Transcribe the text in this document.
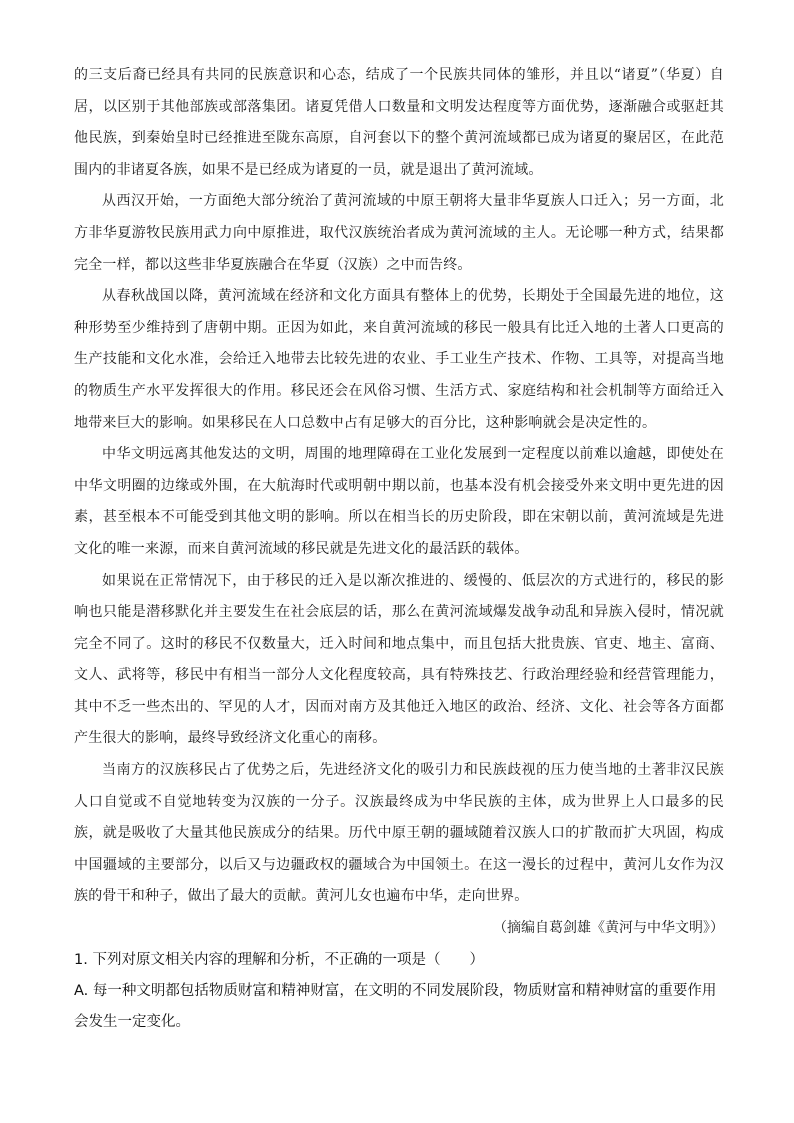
的三支后裔已经具有共同的民族意识和心态，结成了一个民族共同体的雏形，并且以“诸夏”（华夏）自居，以区别于其他部族或部落集团。诸夏凭借人口数量和文明发达程度等方面优势，逐渐融合或驱赶其他民族，到秦始皇时已经推进至陇东高原，自河套以下的整个黄河流域都已成为诸夏的聚居区，在此范围内的非诸夏各族，如果不是已经成为诸夏的一员，就是退出了黄河流域。

从西汉开始，一方面绝大部分统治了黄河流域的中原王朝将大量非华夏族人口迁入；另一方面，北方非华夏游牧民族用武力向中原推进，取代汉族统治者成为黄河流域的主人。无论哪一种方式，结果都完全一样，都以这些非华夏族融合在华夏（汉族）之中而告终。

从春秋战国以降，黄河流域在经济和文化方面具有整体上的优势，长期处于全国最先进的地位，这种形势至少维持到了唐朝中期。正因为如此，来自黄河流域的移民一般具有比迁入地的土著人口更高的生产技能和文化水准，会给迁入地带去比较先进的农业、手工业生产技术、作物、工具等，对提高当地的物质生产水平发挥很大的作用。移民还会在风俗习惯、生活方式、家庭结构和社会机制等方面给迁入地带来巨大的影响。如果移民在人口总数中占有足够大的百分比，这种影响就会是决定性的。

中华文明远离其他发达的文明，周围的地理障碍在工业化发展到一定程度以前难以逾越，即使处在中华文明圈的边缘或外围，在大航海时代或明朝中期以前，也基本没有机会接受外来文明中更先进的因素，甚至根本不可能受到其他文明的影响。所以在相当长的历史阶段，即在宋朝以前，黄河流域是先进文化的唯一来源，而来自黄河流域的移民就是先进文化的最活跃的载体。

如果说在正常情况下，由于移民的迁入是以渐次推进的、缓慢的、低层次的方式进行的，移民的影响也只能是潜移默化并主要发生在社会底层的话，那么在黄河流域爆发战争动乱和异族入侵时，情况就完全不同了。这时的移民不仅数量大，迁入时间和地点集中，而且包括大批贵族、官吏、地主、富商、文人、武将等，移民中有相当一部分人文化程度较高，具有特殊技艺、行政治理经验和经营管理能力，其中不乏一些杰出的、罕见的人才，因而对南方及其他迁入地区的政治、经济、文化、社会等各方面都产生很大的影响，最终导致经济文化重心的南移。

当南方的汉族移民占了优势之后，先进经济文化的吸引力和民族歧视的压力使当地的土著非汉民族人口自觉或不自觉地转变为汉族的一分子。汉族最终成为中华民族的主体，成为世界上人口最多的民族，就是吸收了大量其他民族成分的结果。历代中原王朝的疆域随着汉族人口的扩散而扩大巩固，构成中国疆域的主要部分，以后又与边疆政权的疆域合为中国领土。在这一漫长的过程中，黄河儿女作为汉族的骨干和种子，做出了最大的贡献。黄河儿女也遍布中华，走向世界。

（摘编自葛剑雄《黄河与中华文明》）

1. 下列对原文相关内容的理解和分析，不正确的一项是（　　）

A. 每一种文明都包括物质财富和精神财富，在文明的不同发展阶段，物质财富和精神财富的重要作用会发生一定变化。
